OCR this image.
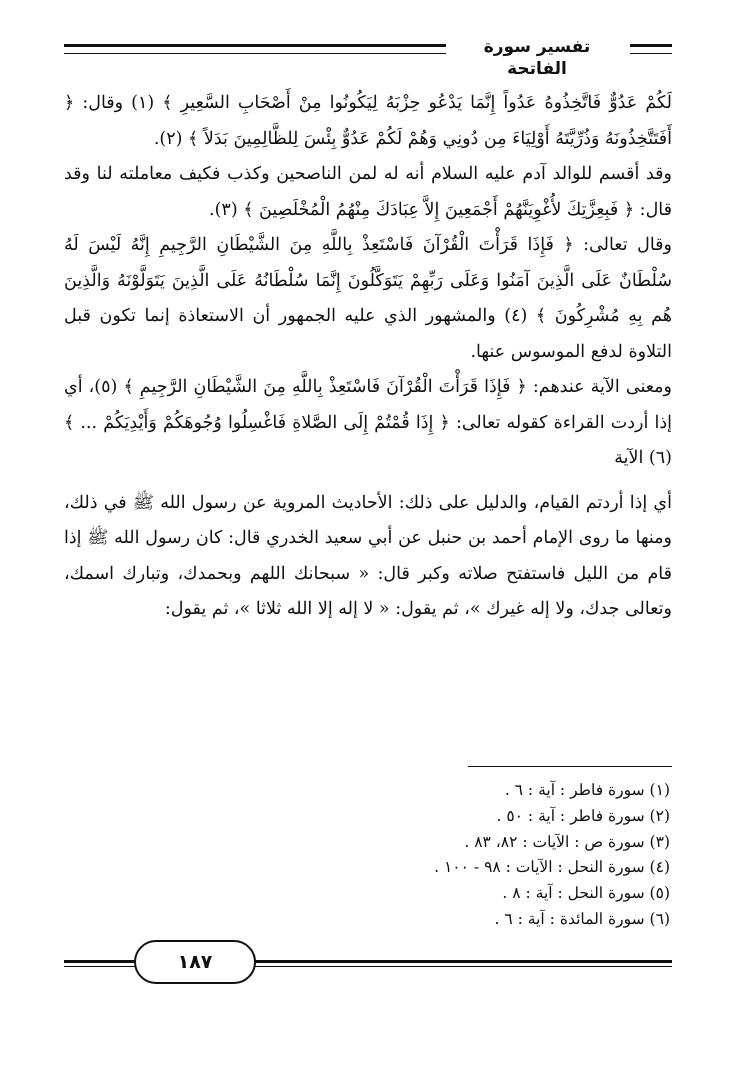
تفسير سورة الفاتحة

لَكُمْ عَدُوٌّ فَاتَّخِذُوهُ عَدُواً إِنَّمَا يَدْعُو حِزْبَهُ لِيَكُونُوا مِنْ أَصْحَابِ السَّعِيرِ ﴾ (١) وقال: ﴿ أَفَتَتَّخِذُونَهُ وَذُرِّيَّتَهُ أَوْلِيَاءَ مِن دُونِي وَهُمْ لَكُمْ عَدُوٌّ بِئْسَ لِلظَّالِمِينَ بَدَلاً ﴾ (٢).

وقد أقسم للوالد آدم عليه السلام أنه له لمن الناصحين وكذب فكيف معاملته لنا وقد قال: ﴿ فَبِعِزَّتِكَ لأُغْوِيَنَّهُمْ أَجْمَعِينَ إِلاَّ عِبَادَكَ مِنْهُمُ الْمُخْلَصِينَ ﴾ (٣).

وقال تعالى: ﴿ فَإِذَا قَرَأْتَ الْقُرْآنَ فَاسْتَعِذْ بِاللَّهِ مِنَ الشَّيْطَانِ الرَّجِيمِ إِنَّهُ لَيْسَ لَهُ سُلْطَانٌ عَلَى الَّذِينَ آمَنُوا وَعَلَى رَبِّهِمْ يَتَوَكَّلُونَ إِنَّمَا سُلْطَانُهُ عَلَى الَّذِينَ يَتَوَلَّوْنَهُ وَالَّذِينَ هُم بِهِ مُشْرِكُونَ ﴾ (٤) والمشهور الذي عليه الجمهور أن الاستعاذة إنما تكون قبل التلاوة لدفع الموسوس عنها.

ومعنى الآية عندهم: ﴿ فَإِذَا قَرَأْتَ الْقُرْآنَ فَاسْتَعِذْ بِاللَّهِ مِنَ الشَّيْطَانِ الرَّجِيمِ ﴾ (٥)، أي إذا أردت القراءة كقوله تعالى: ﴿ إِذَا قُمْتُمْ إِلَى الصَّلاةِ فَاغْسِلُوا وُجُوهَكُمْ وَأَيْدِيَكُمْ ... ﴾ (٦) الآية

أي إذا أردتم القيام، والدليل على ذلك: الأحاديث المروية عن رسول الله ﷺ في ذلك، ومنها ما روى الإمام أحمد بن حنبل عن أبي سعيد الخدري قال: كان رسول الله ﷺ إذا قام من الليل فاستفتح صلاته وكبر قال: « سبحانك اللهم وبحمدك، وتبارك اسمك، وتعالى جدك، ولا إله غيرك »، ثم يقول: « لا إله إلا الله ثلاثا »، ثم يقول:

(١) سورة فاطر : آية : ٦ .
(٢) سورة فاطر : آية : ٥٠ .
(٣) سورة ص : الآيات : ٨٢، ٨٣ .
(٤) سورة النحل : الآيات : ٩٨ - ١٠٠ .
(٥) سورة النحل : آية : ٨ .
(٦) سورة المائدة : آية : ٦ .
١٨٧
